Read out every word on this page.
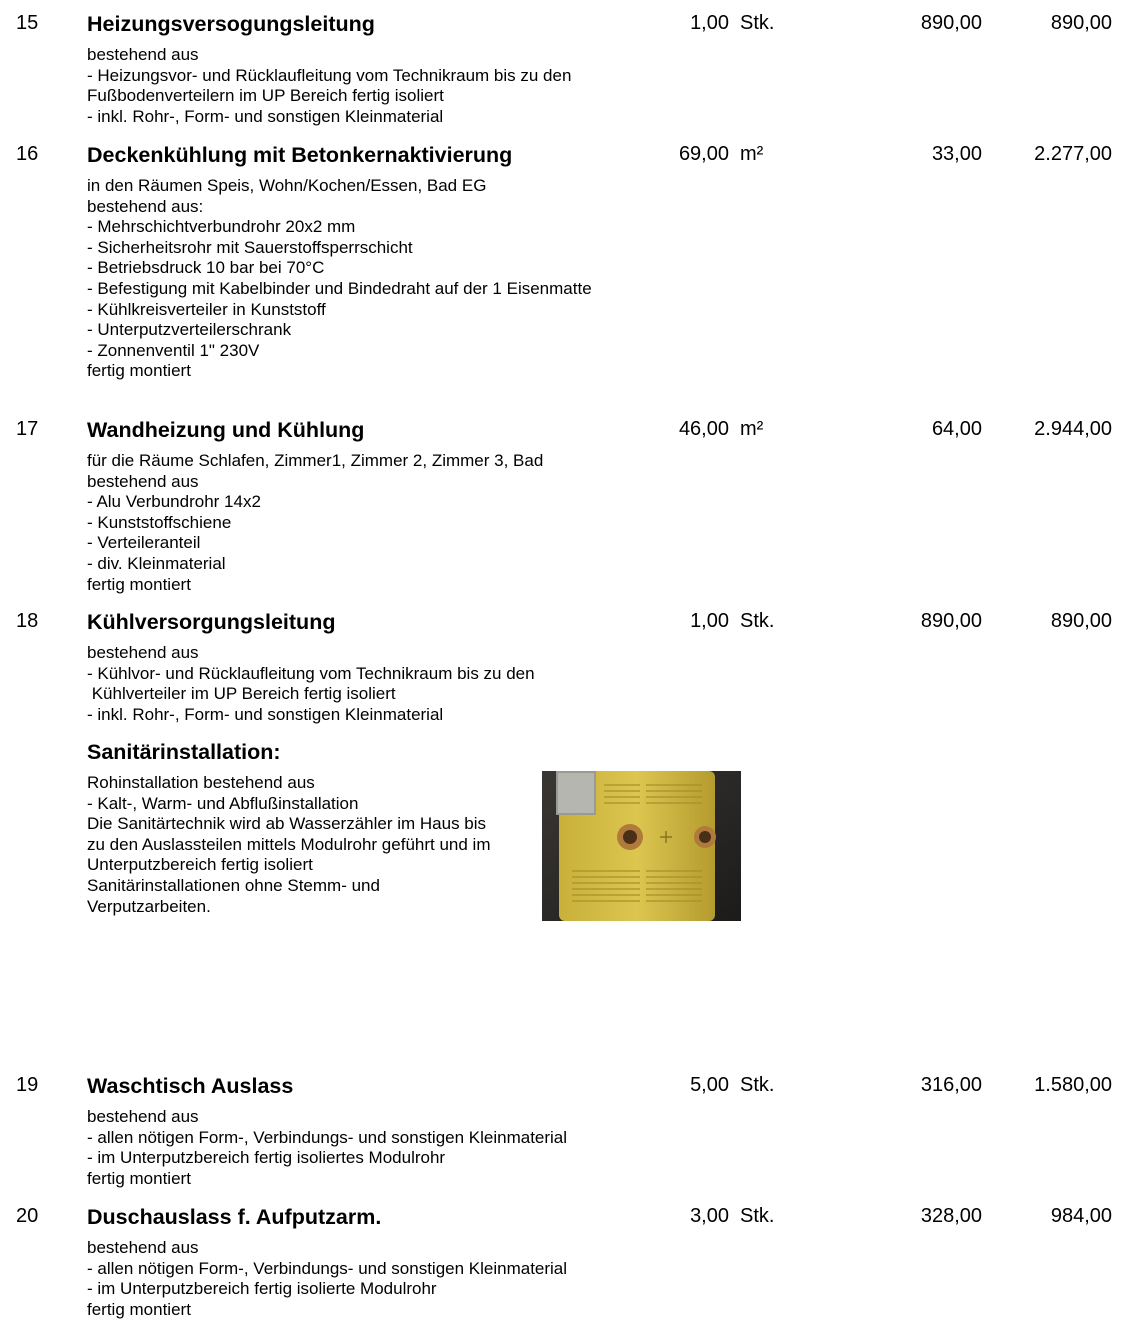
15 Heizungsversogungsleitung	1,00 Stk.	890,00	890,00
bestehend aus
- Heizungsvor- und Rücklaufleitung vom Technikraum bis zu den
Fußbodenverteilern im UP Bereich fertig isoliert
- inkl. Rohr-, Form- und sonstigen Kleinmaterial
16 Deckenkühlung mit Betonkernaktivierung	69,00 m²	33,00	2.277,00
in den Räumen Speis, Wohn/Kochen/Essen, Bad EG
bestehend aus:
- Mehrschichtverbundrohr 20x2 mm
- Sicherheitsrohr mit Sauerstoffsperrschicht
- Betriebsdruck 10 bar bei 70°C
- Befestigung mit Kabelbinder und Bindedraht auf der 1 Eisenmatte
- Kühlkreisverteiler in Kunststoff
- Unterputzverteilerschrank
- Zonnenventil 1" 230V
fertig montiert
17 Wandheizung und Kühlung	46,00 m²	64,00	2.944,00
für die Räume Schlafen, Zimmer1, Zimmer 2, Zimmer 3, Bad
bestehend aus
- Alu Verbundrohr 14x2
- Kunststoffschiene
- Verteileranteil
- div. Kleinmaterial
fertig montiert
18 Kühlversorgungsleitung	1,00 Stk.	890,00	890,00
bestehend aus
- Kühlvor- und Rücklaufleitung vom Technikraum bis zu den
Kühlverteiler im UP Bereich fertig isoliert
- inkl. Rohr-, Form- und sonstigen Kleinmaterial
Sanitärinstallation:
Rohinstallation bestehend aus
- Kalt-, Warm- und Abflußinstallation
Die Sanitärtechnik wird ab Wasserzähler im Haus bis
zu den Auslassteilen mittels Modulrohr geführt und im
Unterputzbereich fertig isoliert
Sanitärinstallationen ohne Stemm- und
Verputzarbeiten.
19 Waschtisch Auslass	5,00 Stk.	316,00	1.580,00
bestehend aus
- allen nötigen Form-, Verbindungs- und sonstigen Kleinmaterial
- im Unterputzbereich fertig isoliertes Modulrohr
fertig montiert
20 Duschauslass f. Aufputzarm.	3,00 Stk.	328,00	984,00
bestehend aus
- allen nötigen Form-, Verbindungs- und sonstigen Kleinmaterial
- im Unterputzbereich fertig isolierte Modulrohr
fertig montiert
